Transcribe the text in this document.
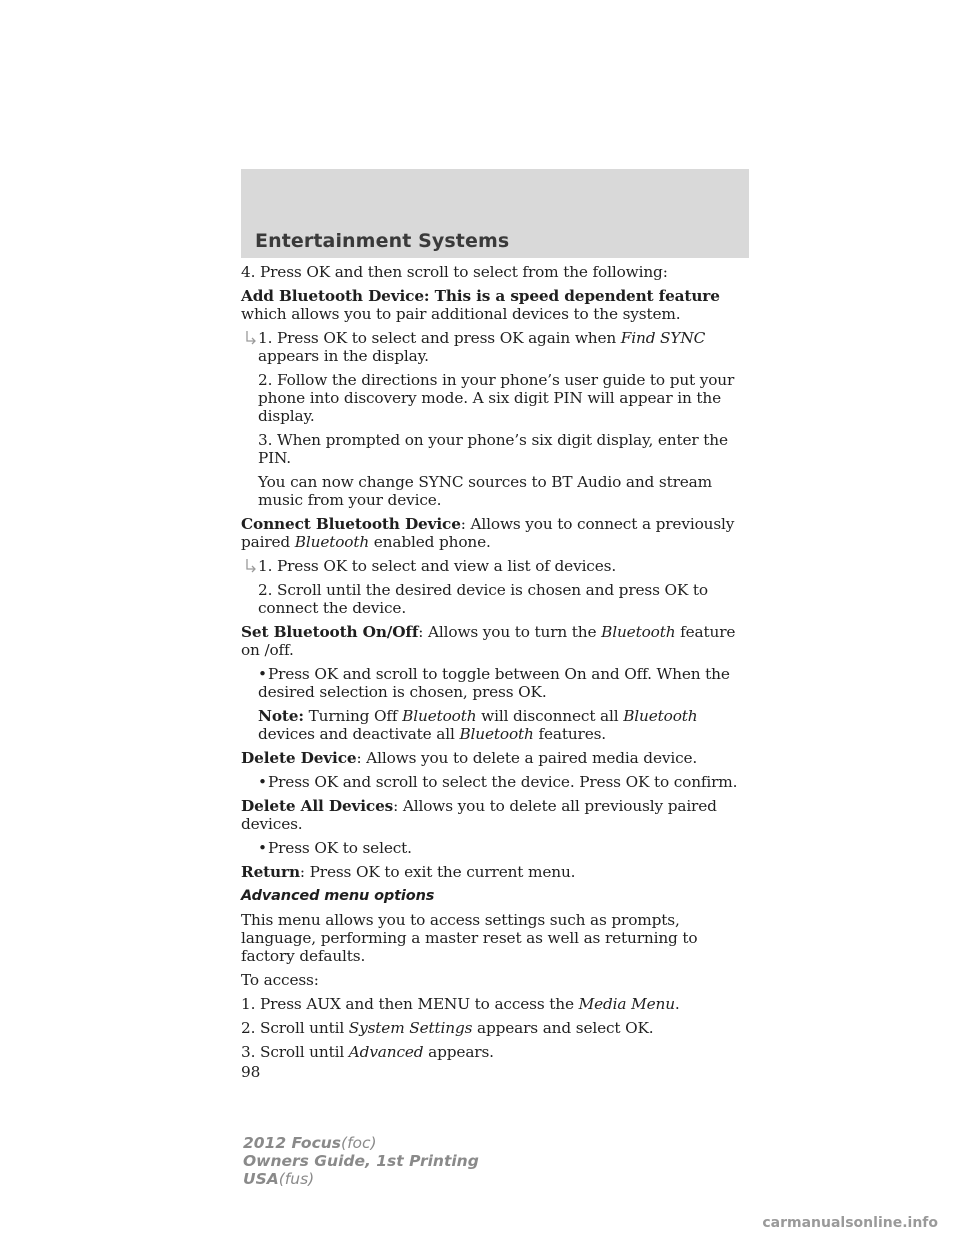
Entertainment Systems

4. Press OK and then scroll to select from the following:

Add Bluetooth Device: This is a speed dependent feature which allows you to pair additional devices to the system.

1. Press OK to select and press OK again when Find SYNC appears in the display.

2. Follow the directions in your phone’s user guide to put your phone into discovery mode. A six digit PIN will appear in the display.

3. When prompted on your phone’s six digit display, enter the PIN.

You can now change SYNC sources to BT Audio and stream music from your device.

Connect Bluetooth Device: Allows you to connect a previously paired Bluetooth enabled phone.

1. Press OK to select and view a list of devices.

2. Scroll until the desired device is chosen and press OK to connect the device.

Set Bluetooth On/Off: Allows you to turn the Bluetooth feature on /off.

•Press OK and scroll to toggle between On and Off. When the desired selection is chosen, press OK.

Note: Turning Off Bluetooth will disconnect all Bluetooth devices and deactivate all Bluetooth features.

Delete Device: Allows you to delete a paired media device.

•Press OK and scroll to select the device. Press OK to confirm.

Delete All Devices: Allows you to delete all previously paired devices.

•Press OK to select.

Return: Press OK to exit the current menu.

Advanced menu options

This menu allows you to access settings such as prompts, language, performing a master reset as well as returning to factory defaults.

To access:

1. Press AUX and then MENU to access the Media Menu.

2. Scroll until System Settings appears and select OK.

3. Scroll until Advanced appears.

98

2012 Focus(foc)
Owners Guide, 1st Printing
USA(fus)
carmanualsonline.info
